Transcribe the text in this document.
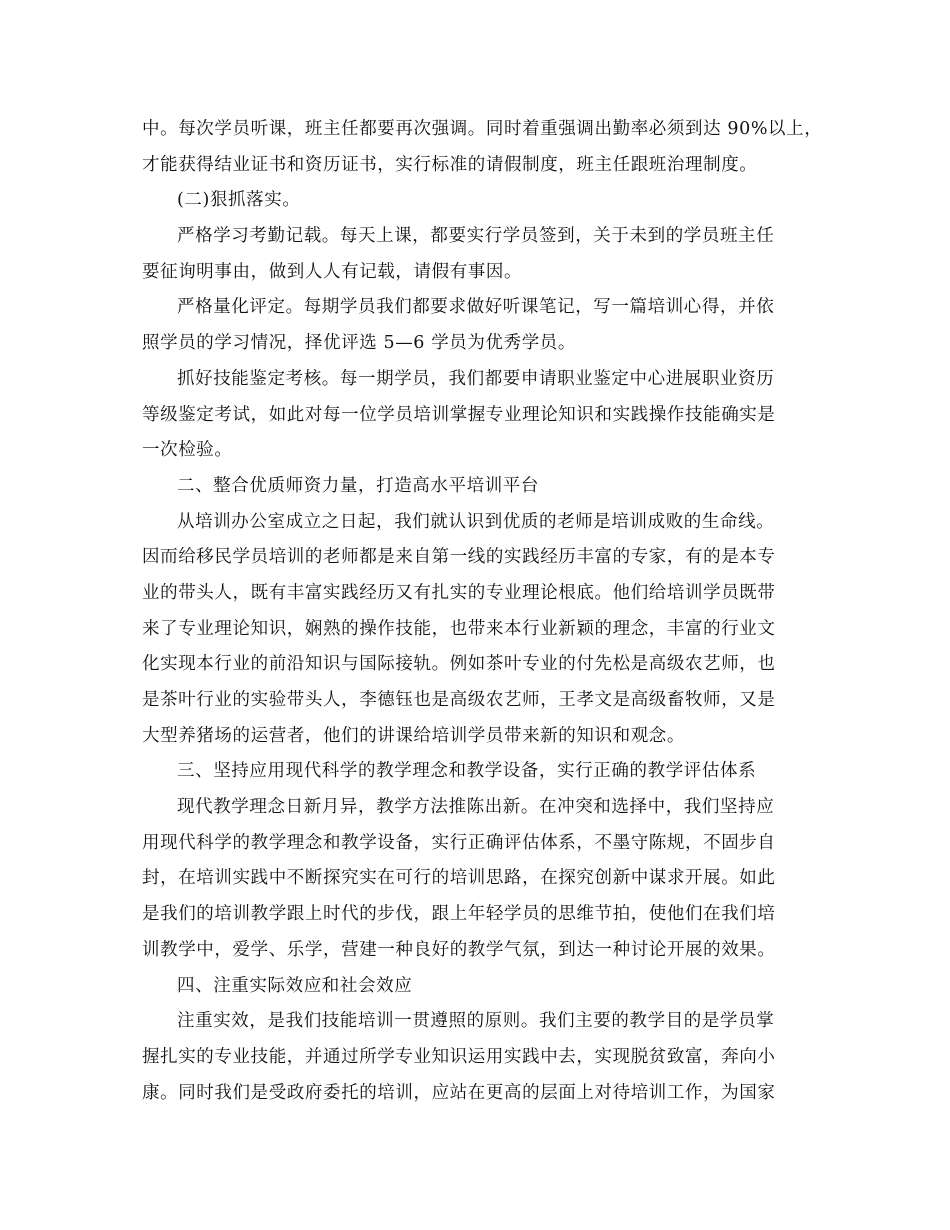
中。每次学员听课，班主任都要再次强调。同时着重强调出勤率必须到达 90%以上，
才能获得结业证书和资历证书，实行标准的请假制度，班主任跟班治理制度。
(二)狠抓落实。
严格学习考勤记载。每天上课，都要实行学员签到，关于未到的学员班主任
要征询明事由，做到人人有记载，请假有事因。
严格量化评定。每期学员我们都要求做好听课笔记，写一篇培训心得，并依
照学员的学习情况，择优评选 5—6 学员为优秀学员。
抓好技能鉴定考核。每一期学员，我们都要申请职业鉴定中心进展职业资历
等级鉴定考试，如此对每一位学员培训掌握专业理论知识和实践操作技能确实是
一次检验。
二、整合优质师资力量，打造高水平培训平台
从培训办公室成立之日起，我们就认识到优质的老师是培训成败的生命线。
因而给移民学员培训的老师都是来自第一线的实践经历丰富的专家，有的是本专
业的带头人，既有丰富实践经历又有扎实的专业理论根底。他们给培训学员既带
来了专业理论知识，娴熟的操作技能，也带来本行业新颖的理念，丰富的行业文
化实现本行业的前沿知识与国际接轨。例如茶叶专业的付先松是高级农艺师，也
是茶叶行业的实验带头人，李德钰也是高级农艺师，王孝文是高级畜牧师，又是
大型养猪场的运营者，他们的讲课给培训学员带来新的知识和观念。
三、坚持应用现代科学的教学理念和教学设备，实行正确的教学评估体系
现代教学理念日新月异，教学方法推陈出新。在冲突和选择中，我们坚持应
用现代科学的教学理念和教学设备，实行正确评估体系，不墨守陈规，不固步自
封，在培训实践中不断探究实在可行的培训思路，在探究创新中谋求开展。如此
是我们的培训教学跟上时代的步伐，跟上年轻学员的思维节拍，使他们在我们培
训教学中，爱学、乐学，营建一种良好的教学气氛，到达一种讨论开展的效果。
四、注重实际效应和社会效应
注重实效，是我们技能培训一贯遵照的原则。我们主要的教学目的是学员掌
握扎实的专业技能，并通过所学专业知识运用实践中去，实现脱贫致富，奔向小
康。同时我们是受政府委托的培训，应站在更高的层面上对待培训工作，为国家
